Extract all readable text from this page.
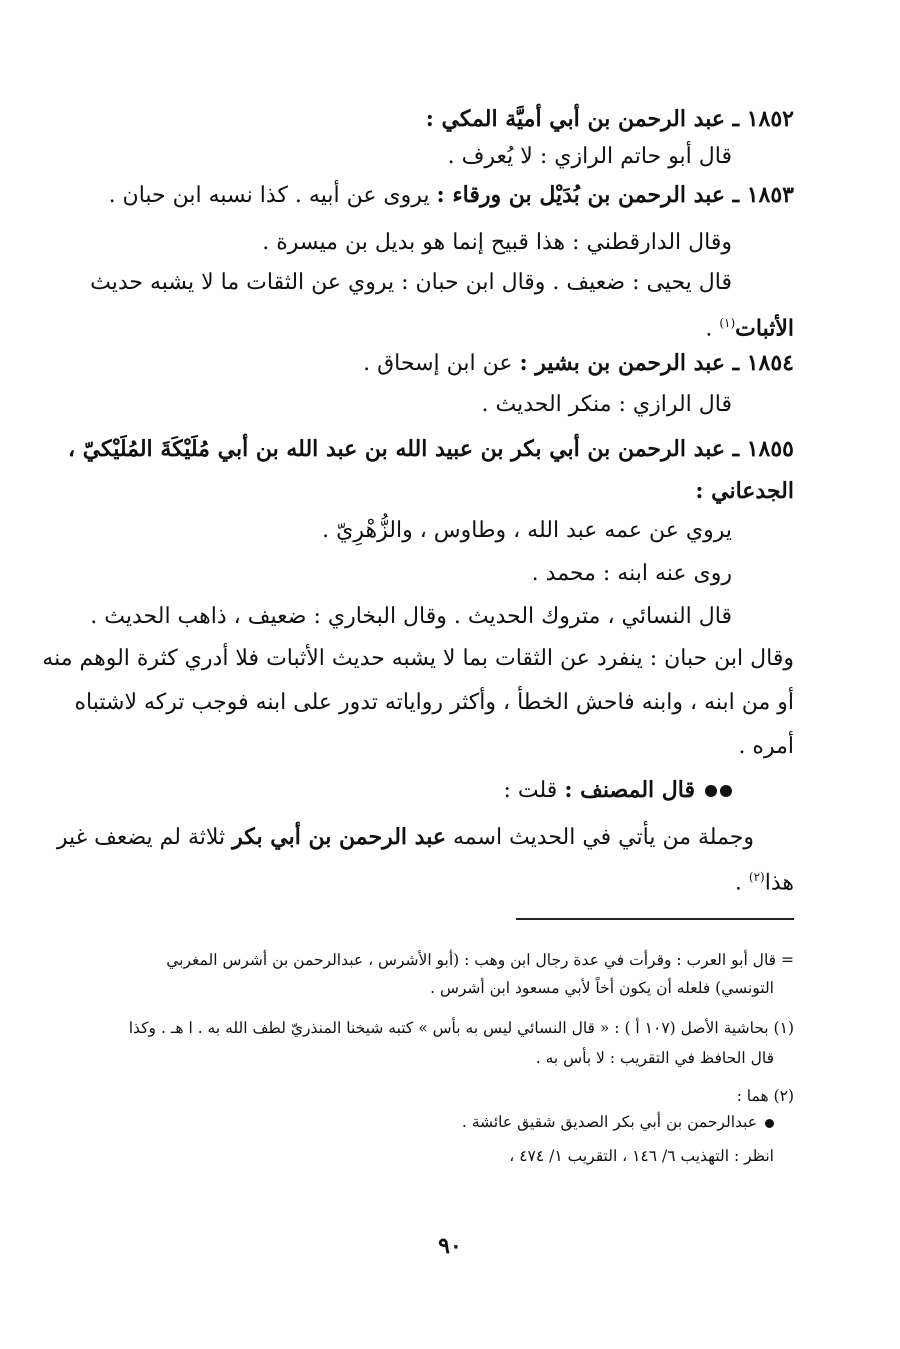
١٨٥٢ ـ عبد الرحمن بن أبي أميَّة المكي :
قال أبو حاتم الرازي : لا يُعرف .
١٨٥٣ ـ عبد الرحمن بن بُدَيْل بن ورقاء : يروى عن أبيه . كذا نسبه ابن حبان .
وقال الدارقطني : هذا قبيح إنما هو بديل بن ميسرة .
قال يحيى : ضعيف . وقال ابن حبان : يروي عن الثقات ما لا يشبه حديث
الأثبات$^{(١)}$ .
١٨٥٤ ـ عبد الرحمن بن بشير : عن ابن إسحاق .
قال الرازي : منكر الحديث .
١٨٥٥ ـ عبد الرحمن بن أبي بكر بن عبيد الله بن عبد الله بن أبي مُلَيْكَةَ المُلَيْكيّ ،
الجدعاني :
يروي عن عمه عبد الله ، وطاوس ، والزُّهْرِيّ .
روى عنه ابنه : محمد .
قال النسائي ، متروك الحديث . وقال البخاري : ضعيف ، ذاهب الحديث .
وقال ابن حبان : ينفرد عن الثقات بما لا يشبه حديث الأثبات فلا أدري كثرة الوهم منه
أو من ابنه ، وابنه فاحش الخطأ ، وأكثر رواياته تدور على ابنه فوجب تركه لاشتباه
أمره .
قال المصنف : قلت :
وجملة من يأتي في الحديث اسمه عبد الرحمن بن أبي بكر ثلاثة لم يضعف غير
هذا$^{(٢)}$ .
= قال أبو العرب : وقرأت في عدة رجال ابن وهب : (أبو الأشرس ، عبدالرحمن بن أشرس المغربي
التونسي) فلعله أن يكون أخاً لأبي مسعود ابن أشرس .
(١) بحاشية الأصل (١٠٧ أ ) : « قال النسائي ليس به بأس » كتبه شيخنا المنذريّ لطف الله به . ا هـ . وكذا
قال الحافظ في التقريب : لا بأس به .
(٢) هما :
عبدالرحمن بن أبي بكر الصديق شقيق عائشة .
انظر : التهذيب ٦/ ١٤٦ ، التقريب ١/ ٤٧٤ ،
٩٠
